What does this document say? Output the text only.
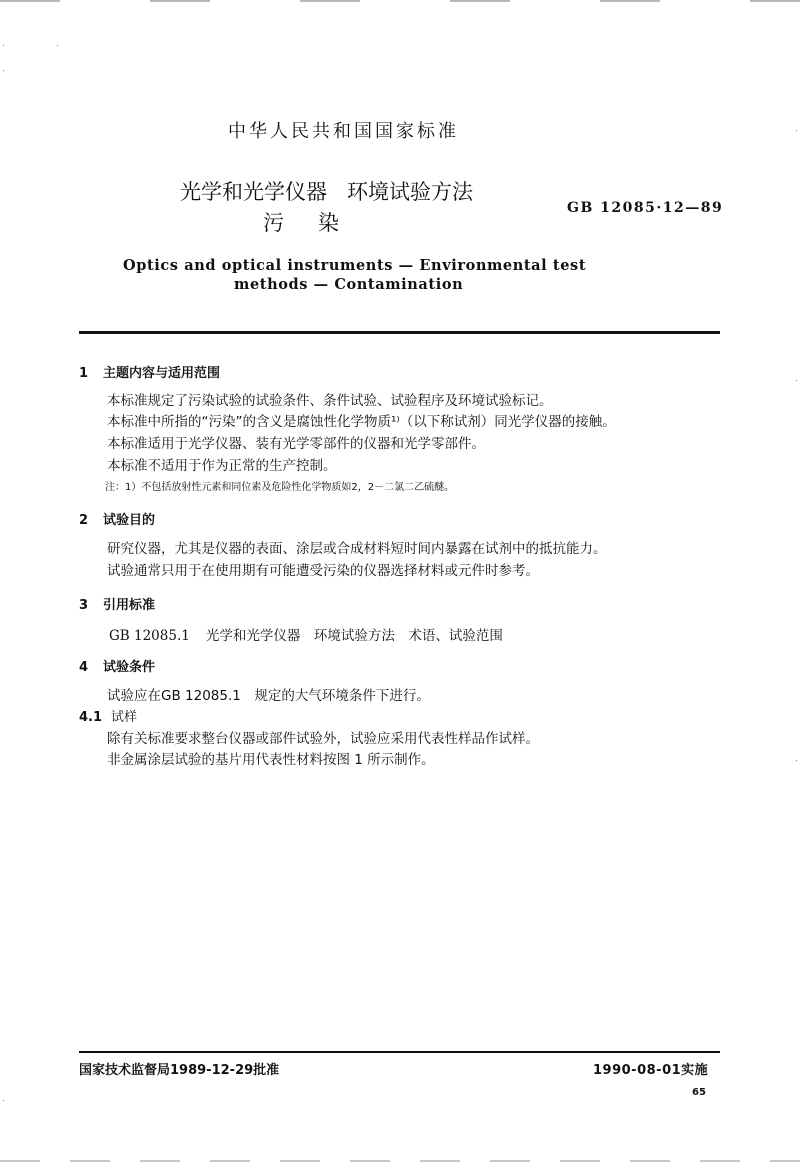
中华人民共和国国家标准
光学和光学仪器 环境试验方法
污染
GB 12085·12—89
Optics and optical instruments — Environmental test
methods — Contamination
1 主题内容与适用范围
本标准规定了污染试验的试验条件、条件试验、试验程序及环境试验标记。
本标准中所指的“污染”的含义是腐蚀性化学物质¹⁾（以下称试剂）同光学仪器的接触。
本标准适用于光学仪器、装有光学零部件的仪器和光学零部件。
本标准不适用于作为正常的生产控制。
注：1）不包括放射性元素和同位素及危险性化学物质如2，2－二氯二乙硫醚。
2 试验目的
研究仪器，尤其是仪器的表面、涂层或合成材料短时间内暴露在试剂中的抵抗能力。
试验通常只用于在使用期有可能遭受污染的仪器选择材料或元件时参考。
3 引用标准
GB 12085.1 光学和光学仪器　环境试验方法　术语、试验范围
4 试验条件
试验应在GB 12085.1　规定的大气环境条件下进行。
4.1 试样
除有关标准要求整台仪器或部件试验外，试验应采用代表性样品作试样。
非金属涂层试验的基片用代表性材料按图 1 所示制作。
国家技术监督局1989-12-29批准	1990-08-01实施
65
